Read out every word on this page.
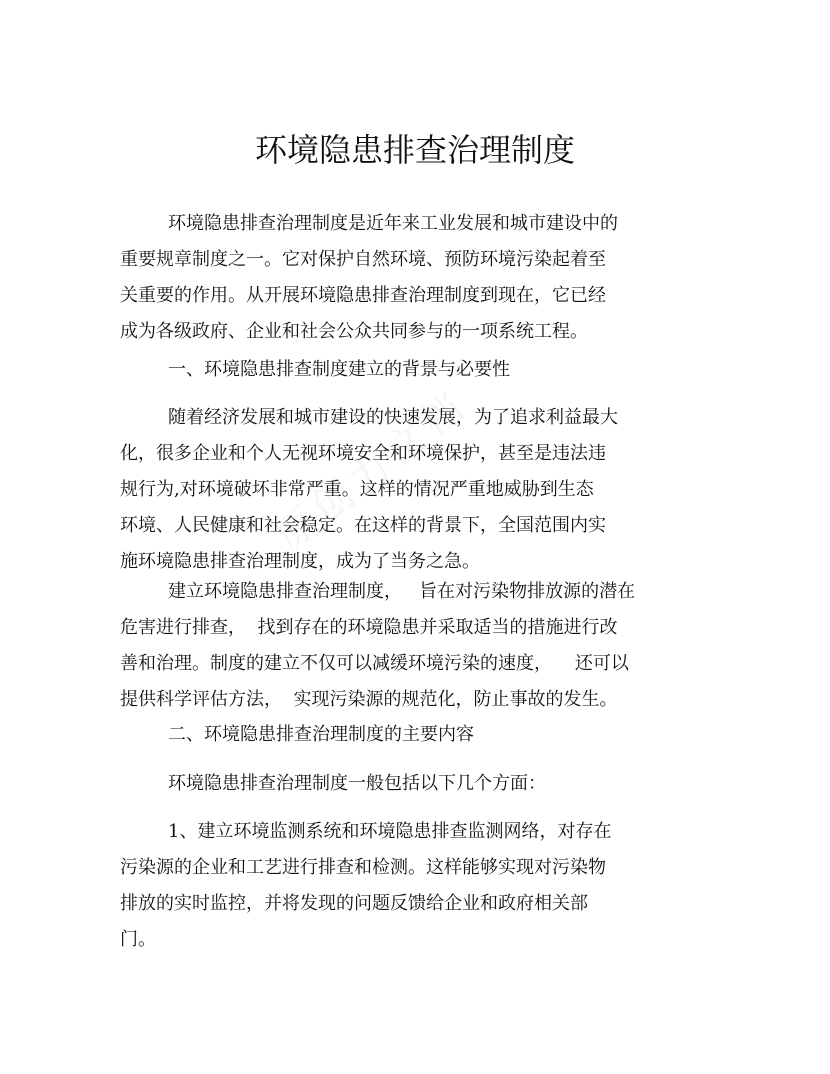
环境隐患排查治理制度
环境隐患排查治理制度是近年来工业发展和城市建设中的
重要规章制度之一。它对保护自然环境、预防环境污染起着至
关重要的作用。从开展环境隐患排查治理制度到现在，它已经
成为各级政府、企业和社会公众共同参与的一项系统工程。
一、环境隐患排查制度建立的背景与必要性
随着经济发展和城市建设的快速发展，为了追求利益最大
化，很多企业和个人无视环境安全和环境保护，甚至是违法违
规行为,对环境破坏非常严重。这样的情况严重地威胁到生态
环境、人民健康和社会稳定。在这样的背景下，全国范围内实
施环境隐患排查治理制度，成为了当务之急。
建立环境隐患排查治理制度，   旨在对污染物排放源的潜在
危害进行排查，  找到存在的环境隐患并采取适当的措施进行改
善和治理。制度的建立不仅可以减缓环境污染的速度，    还可以
提供科学评估方法，  实现污染源的规范化，防止事故的发生。
二、环境隐患排查治理制度的主要内容
环境隐患排查治理制度一般包括以下几个方面：
1、建立环境监测系统和环境隐患排查监测网络，对存在
污染源的企业和工艺进行排查和检测。这样能够实现对污染物
排放的实时监控，并将发现的问题反馈给企业和政府相关部
门。
